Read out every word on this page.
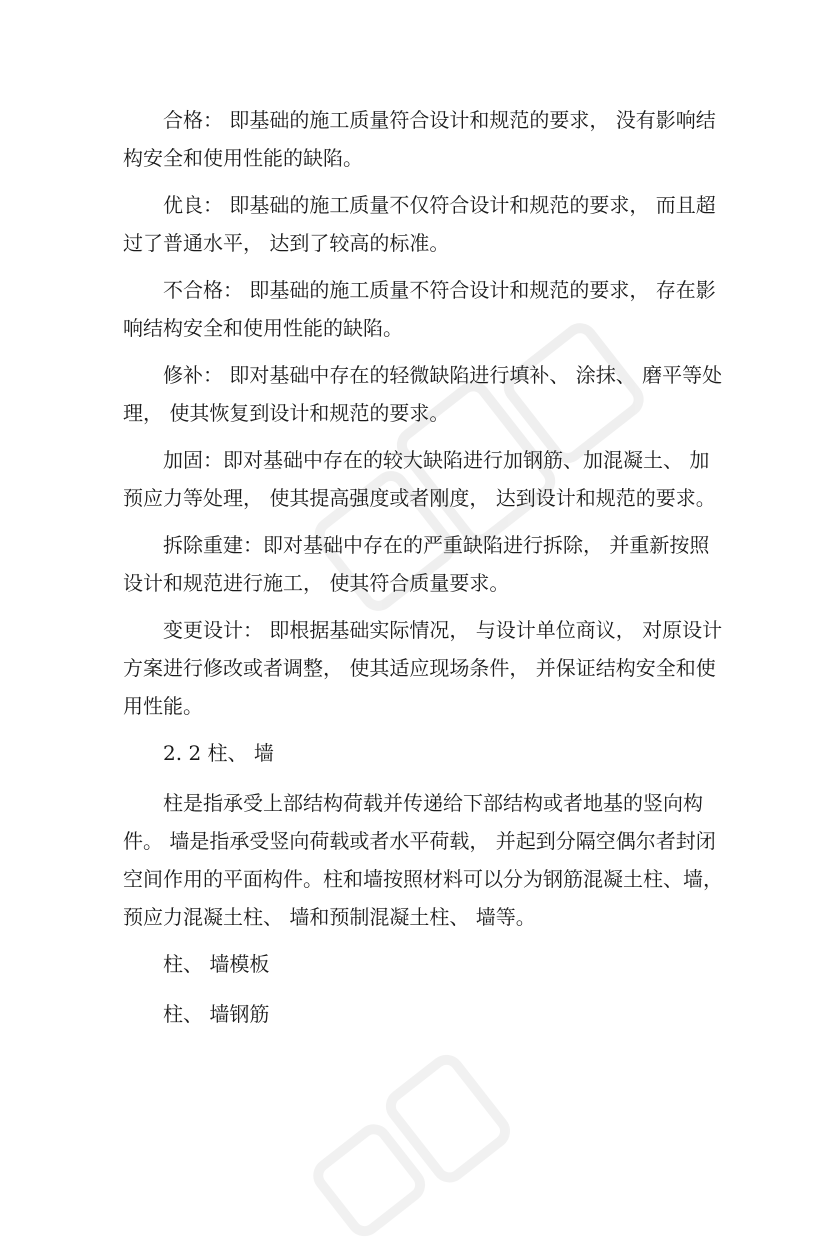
合格： 即基础的施工质量符合设计和规范的要求， 没有影响结构安全和使用性能的缺陷。

优良： 即基础的施工质量不仅符合设计和规范的要求， 而且超过了普通水平， 达到了较高的标准。

不合格： 即基础的施工质量不符合设计和规范的要求， 存在影响结构安全和使用性能的缺陷。

修补： 即对基础中存在的轻微缺陷进行填补、 涂抹、 磨平等处理， 使其恢复到设计和规范的要求。

加固：即对基础中存在的较大缺陷进行加钢筋、加混凝土、 加预应力等处理， 使其提高强度或者刚度， 达到设计和规范的要求。

拆除重建：即对基础中存在的严重缺陷进行拆除， 并重新按照设计和规范进行施工， 使其符合质量要求。

变更设计： 即根据基础实际情况， 与设计单位商议， 对原设计方案进行修改或者调整， 使其适应现场条件， 并保证结构安全和使用性能。

2. 2 柱、 墙

柱是指承受上部结构荷载并传递给下部结构或者地基的竖向构件。 墙是指承受竖向荷载或者水平荷载， 并起到分隔空偶尔者封闭空间作用的平面构件。柱和墙按照材料可以分为钢筋混凝土柱、墙，预应力混凝土柱、 墙和预制混凝土柱、 墙等。

柱、 墙模板

柱、 墙钢筋
